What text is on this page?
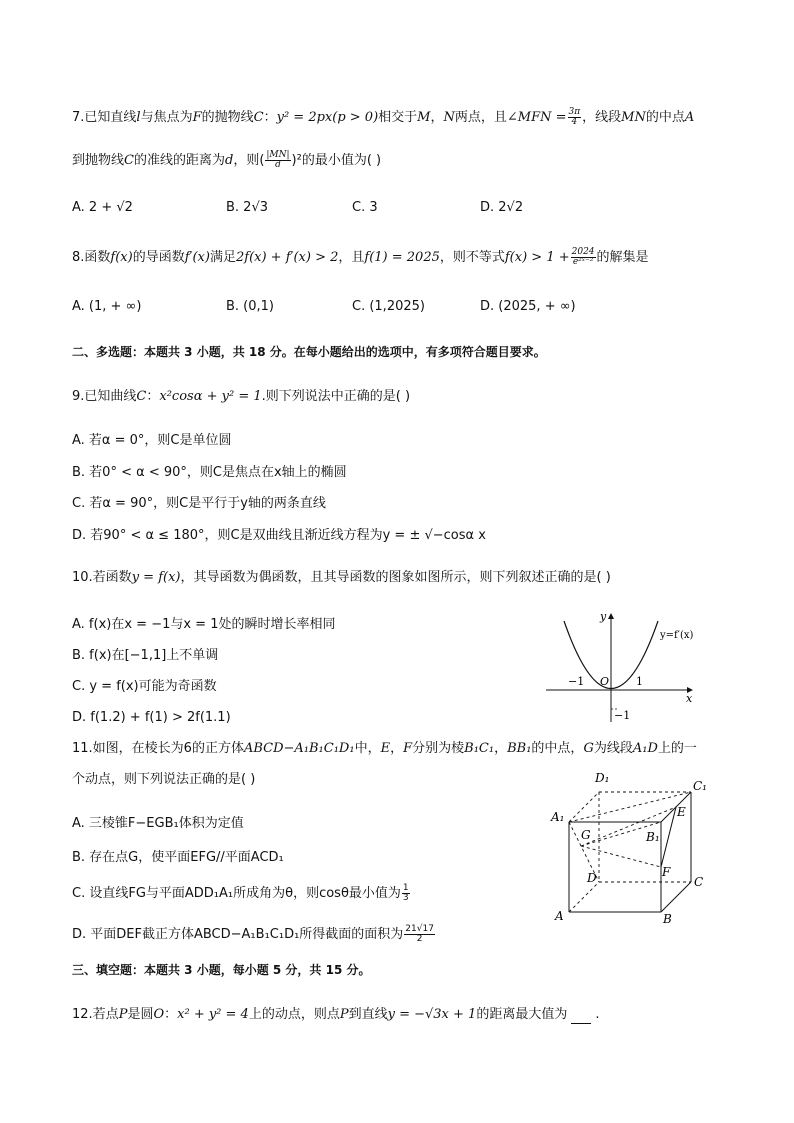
7.已知直线l与焦点为F的抛物线C：y² = 2px(p > 0)相交于M，N两点，且∠MFN = $\frac{3\pi}{4}$ ，线段MN的中点A
到抛物线C的准线的距离为d，则( $\frac{|MN|}{d} )^2$的最小值为( )
A. 2 + √2	B. 2√3	C. 3	D. 2√2
8.函数f(x)的导函数f′(x)满足2f(x) + f′(x) > 2，且f(1) = 2025，则不等式$f(x) > 1 + \frac{2024}{\text{e²ˣ⁻²}}$ 的解集是
A. (1, + ∞)	B. (0,1)	C. (1,2025)	D. (2025, + ∞)
二、多选题：本题共 3 小题，共 18 分。在每小题给出的选项中，有多项符合题目要求。
9.已知曲线C：x²cosα + y² = 1.则下列说法中正确的是( )
A. 若α = 0°，则C是单位圆
B. 若0° < α < 90°，则C是焦点在x轴上的椭圆
C. 若α = 90°，则C是平行于y轴的两条直线
D. 若90° < α ≤ 180°，则C是双曲线且渐近线方程为y = ± √−cosα x
10.若函数y = f(x)，其导函数为偶函数，且其导函数的图象如图所示，则下列叙述正确的是( )
A. f(x)在x = −1与x = 1处的瞬时增长率相同
B. f(x)在[−1,1]上不单调
C. y = f(x)可能为奇函数
D. f(1.2) + f(1) > 2f(1.1)
y=f′(x)
y
x
O
−1	1
−1
11.如图，在棱长为6的正方体ABCD−A₁B₁C₁D₁中，E，F分别为棱B₁C₁，BB₁的中点，G为线段A₁D上的一
个动点，则下列说法正确的是( )
A. 三棱锥F−EGB₁体积为定值
B. 存在点G，使平面EFG//平面ACD₁
C. 设直线FG与平面ADD₁A₁所成角为θ，则cosθ最小值为 $\frac{1}{3}$
D. 平面DEF截正方体ABCD−A₁B₁C₁D₁所得截面的面积为 $\frac{21√17}{2}$
D₁
C₁
A₁
B₁
G
E
F
D	C
A	B
三、填空题：本题共 3 小题，每小题 5 分，共 15 分。
12.若点P是圆O：x² + y² = 4上的动点，则点P到直线y = −√3x + 1的距离最大值为 .
